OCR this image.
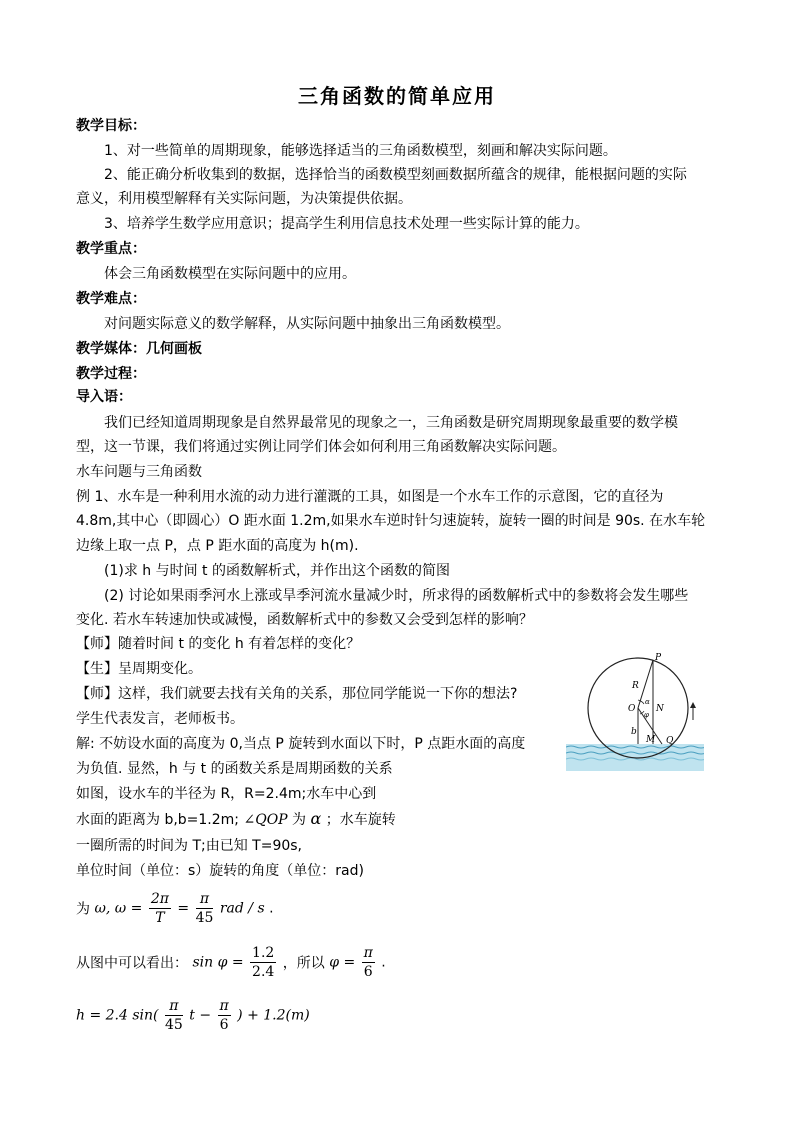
三角函数的简单应用
教学目标：
1、对一些简单的周期现象，能够选择适当的三角函数模型，刻画和解决实际问题。
2、能正确分析收集到的数据，选择恰当的函数模型刻画数据所蕴含的规律，能根据问题的实际
意义，利用模型解释有关实际问题，为决策提供依据。
3、培养学生数学应用意识；提高学生利用信息技术处理一些实际计算的能力。
教学重点：
体会三角函数模型在实际问题中的应用。
教学难点：
对问题实际意义的数学解释，从实际问题中抽象出三角函数模型。
教学媒体：几何画板
教学过程：
导入语：
我们已经知道周期现象是自然界最常见的现象之一，三角函数是研究周期现象最重要的数学模
型，这一节课，我们将通过实例让同学们体会如何利用三角函数解决实际问题。
水车问题与三角函数
例 1、水车是一种利用水流的动力进行灌溉的工具，如图是一个水车工作的示意图，它的直径为
4.8m,其中心（即圆心）O 距水面 1.2m,如果水车逆时针匀速旋转，旋转一圈的时间是 90s. 在水车轮
边缘上取一点 P，点 P 距水面的高度为 h(m).
(1)求 h 与时间 t 的函数解析式，并作出这个函数的简图
(2) 讨论如果雨季河水上涨或旱季河流水量减少时，所求得的函数解析式中的参数将会发生哪些
变化. 若水车转速加快或减慢，函数解析式中的参数又会受到怎样的影响？
【师】随着时间 t 的变化 h 有着怎样的变化？
【生】呈周期变化。
【师】这样，我们就要去找有关角的关系，那位同学能说一下你的想法?
学生代表发言，老师板书。
解: 不妨设水面的高度为 0,当点 P 旋转到水面以下时，P 点距水面的高度
为负值. 显然，h 与 t 的函数关系是周期函数的关系
如图，设水车的半径为 R，R=2.4m;水车中心到
水面的距离为 b,b=1.2m; ∠QOP 为 α ；水车旋转
一圈所需的时间为 T;由已知 T=90s,
单位时间（单位：s）旋转的角度（单位：rad)
为 ω, $\omega = \frac{2\pi}{T} = \frac{\pi}{45}$ rad / s .
从图中可以看出： $\sin \varphi = \frac{1.2}{2.4}$ ，所以 $\varphi = \frac{\pi}{6}$ .
h = 2.4 $\sin( \frac{\pi}{45}$ $t - \frac{\pi}{6}$ ) + 1.2(m)
P
R
O
α
φ
N
b
M Q
